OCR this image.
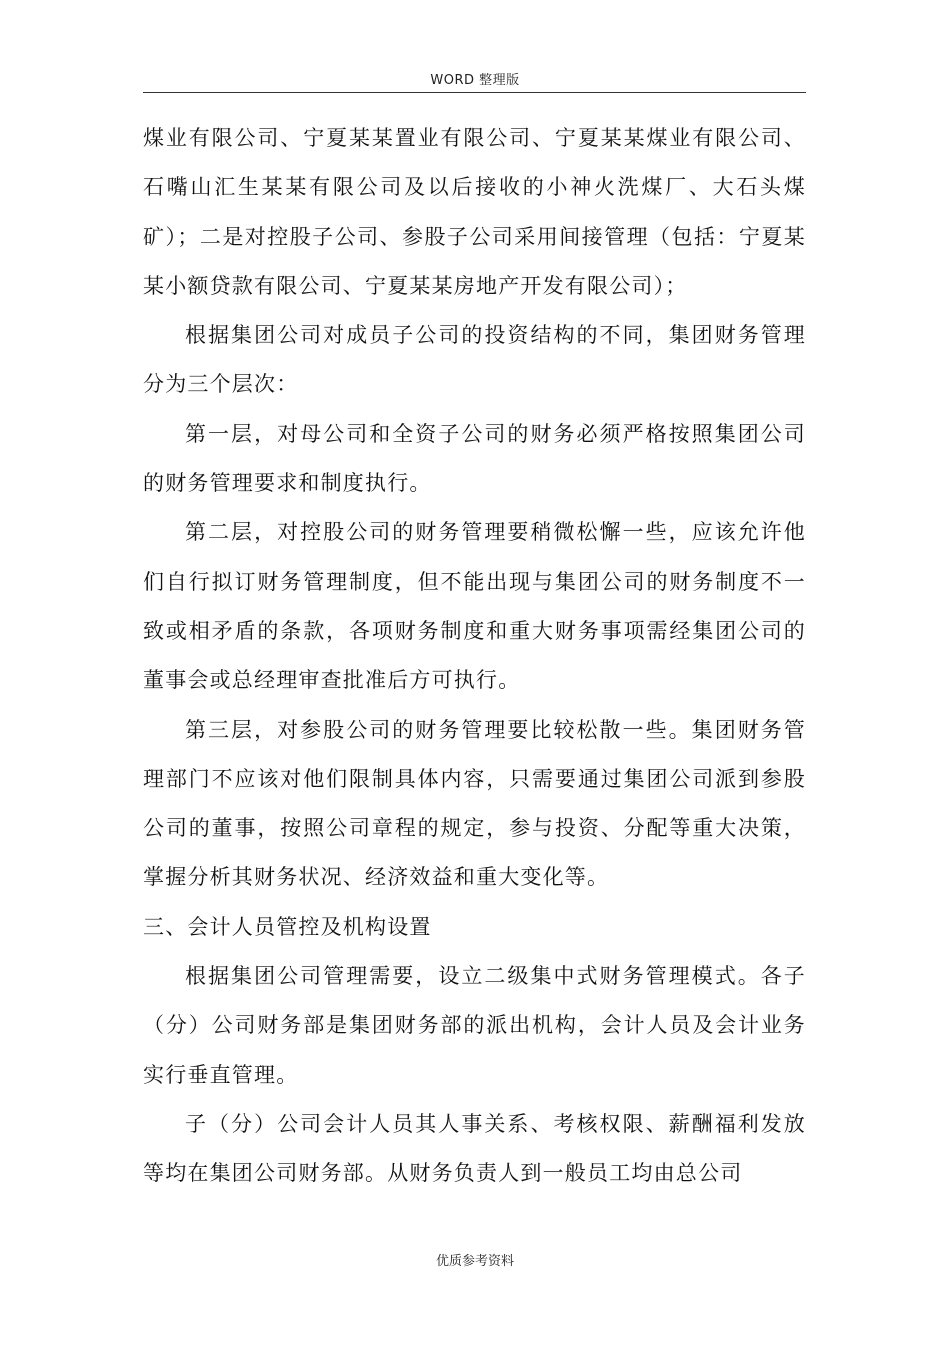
WORD 整理版

煤业有限公司、宁夏某某置业有限公司、宁夏某某煤业有限公司、石嘴山汇生某某有限公司及以后接收的小神火洗煤厂、大石头煤矿）；二是对控股子公司、参股子公司采用间接管理（包括：宁夏某某小额贷款有限公司、宁夏某某房地产开发有限公司）；

根据集团公司对成员子公司的投资结构的不同，集团财务管理分为三个层次：

第一层，对母公司和全资子公司的财务必须严格按照集团公司的财务管理要求和制度执行。

第二层，对控股公司的财务管理要稍微松懈一些，应该允许他们自行拟订财务管理制度，但不能出现与集团公司的财务制度不一致或相矛盾的条款，各项财务制度和重大财务事项需经集团公司的董事会或总经理审查批准后方可执行。

第三层，对参股公司的财务管理要比较松散一些。集团财务管理部门不应该对他们限制具体内容，只需要通过集团公司派到参股公司的董事，按照公司章程的规定，参与投资、分配等重大决策，掌握分析其财务状况、经济效益和重大变化等。

三、会计人员管控及机构设置

根据集团公司管理需要，设立二级集中式财务管理模式。各子（分）公司财务部是集团财务部的派出机构，会计人员及会计业务实行垂直管理。

子（分）公司会计人员其人事关系、考核权限、薪酬福利发放等均在集团公司财务部。从财务负责人到一般员工均由总公司

优质参考资料
